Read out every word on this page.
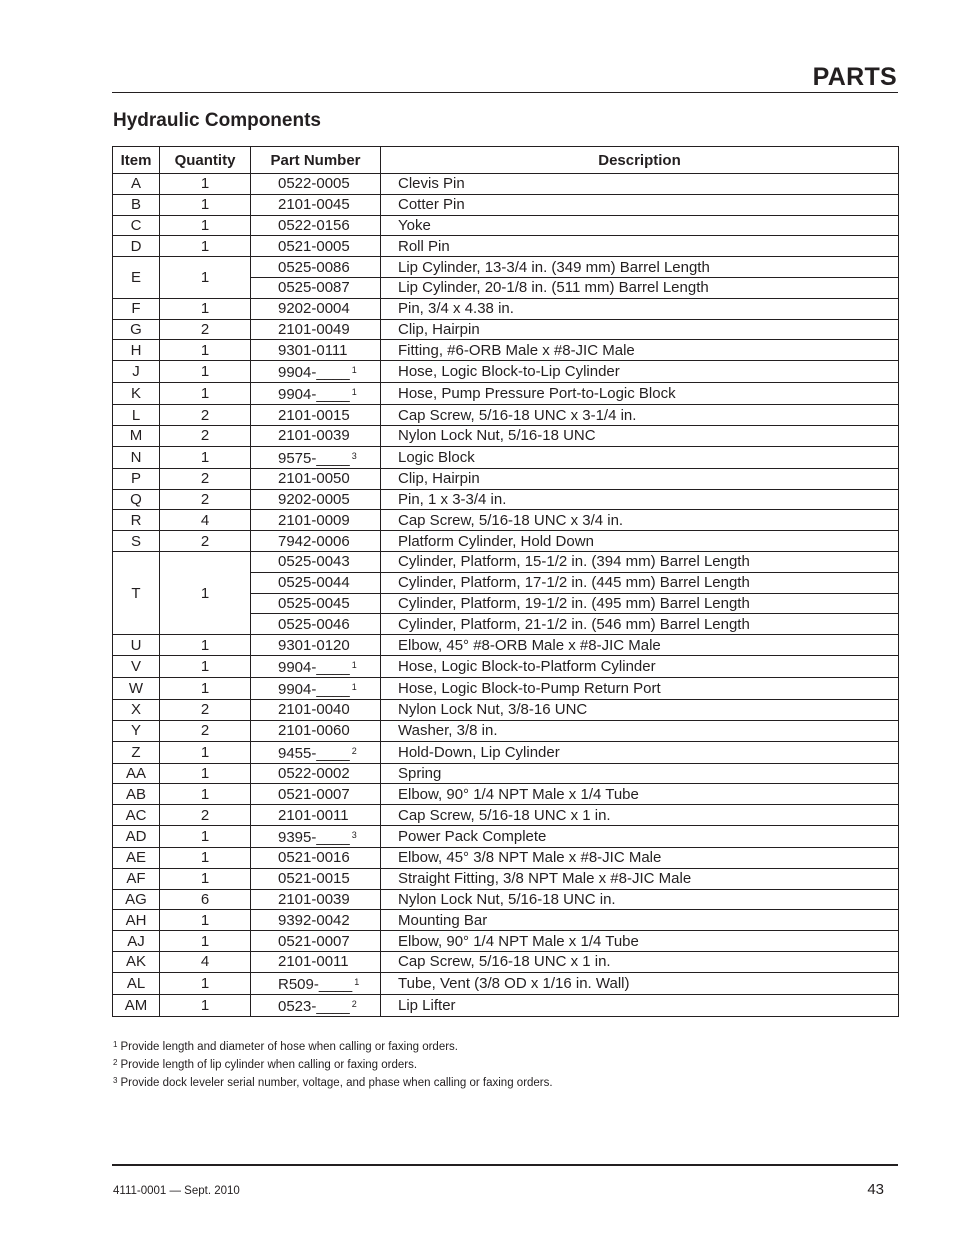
PARTS
Hydraulic Components
Item	Quantity	Part Number	Description
A	1	0522-0005	Clevis Pin
B	1	2101-0045	Cotter Pin
C	1	0522-0156	Yoke
D	1	0521-0005	Roll Pin
E	1	0525-0086	Lip Cylinder, 13-3/4 in. (349 mm) Barrel Length
		0525-0087	Lip Cylinder, 20-1/8 in. (511 mm) Barrel Length
F	1	9202-0004	Pin, 3/4 x 4.38 in.
G	2	2101-0049	Clip, Hairpin
H	1	9301-0111	Fitting, #6-ORB Male x #8-JIC Male
J	1	9904-____ $^1$	Hose, Logic Block-to-Lip Cylinder
K	1	9904-____ $^1$	Hose, Pump Pressure Port-to-Logic Block
L	2	2101-0015	Cap Screw, 5/16-18 UNC x 3-1/4 in.
M	2	2101-0039	Nylon Lock Nut, 5/16-18 UNC
N	1	9575-____ $^3$	Logic Block
P	2	2101-0050	Clip, Hairpin
Q	2	9202-0005	Pin, 1 x 3-3/4 in.
R	4	2101-0009	Cap Screw, 5/16-18 UNC x 3/4 in.
S	2	7942-0006	Platform Cylinder, Hold Down
T	1	0525-0043	Cylinder, Platform, 15-1/2 in. (394 mm) Barrel Length
		0525-0044	Cylinder, Platform, 17-1/2 in. (445 mm) Barrel Length
		0525-0045	Cylinder, Platform, 19-1/2 in. (495 mm) Barrel Length
		0525-0046	Cylinder, Platform, 21-1/2 in. (546 mm) Barrel Length
U	1	9301-0120	Elbow, 45° #8-ORB Male x #8-JIC Male
V	1	9904-____ $^1$	Hose, Logic Block-to-Platform Cylinder
W	1	9904-____ $^1$	Hose, Logic Block-to-Pump Return Port
X	2	2101-0040	Nylon Lock Nut, 3/8-16 UNC
Y	2	2101-0060	Washer, 3/8 in.
Z	1	9455-____ $^2$	Hold-Down, Lip Cylinder
AA	1	0522-0002	Spring
AB	1	0521-0007	Elbow, 90° 1/4 NPT Male x 1/4 Tube
AC	2	2101-0011	Cap Screw, 5/16-18 UNC x 1 in.
AD	1	9395-____ $^3$	Power Pack Complete
AE	1	0521-0016	Elbow, 45° 3/8 NPT Male x #8-JIC Male
AF	1	0521-0015	Straight Fitting, 3/8 NPT Male x #8-JIC Male
AG	6	2101-0039	Nylon Lock Nut, 5/16-18 UNC in.
AH	1	9392-0042	Mounting Bar
AJ	1	0521-0007	Elbow, 90° 1/4 NPT Male x 1/4 Tube
AK	4	2101-0011	Cap Screw, 5/16-18 UNC x 1 in.
AL	1	R509-____ $^1$	Tube, Vent (3/8 OD x 1/16 in. Wall)
AM	1	0523-____ $^2$	Lip Lifter
$^1$ Provide length and diameter of hose when calling or faxing orders.
$^2$ Provide length of lip cylinder when calling or faxing orders.
$^3$ Provide dock leveler serial number, voltage, and phase when calling or faxing orders.
4111-0001 — Sept. 2010	43
